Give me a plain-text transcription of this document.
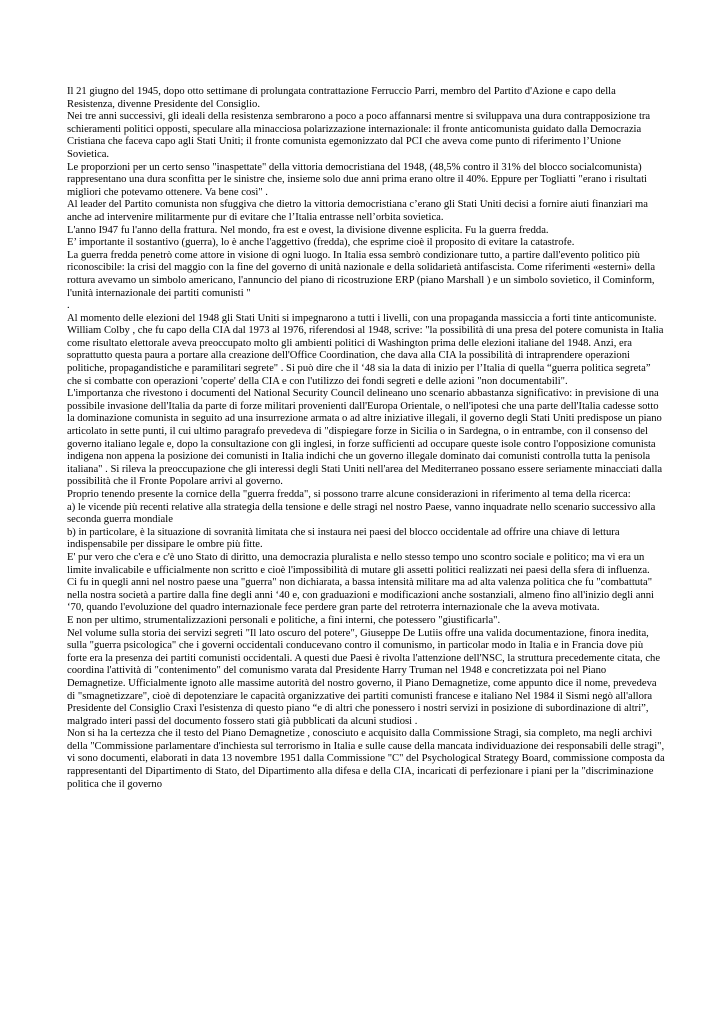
Il 21 giugno del 1945, dopo otto settimane di prolungata contrattazione Ferruccio Parri, membro del Partito d'Azione e capo della Resistenza, divenne Presidente del Consiglio.

Nei tre anni successivi, gli ideali della resistenza sembrarono a poco a poco affannarsi mentre si sviluppava una dura contrapposizione tra schieramenti politici opposti, speculare alla minacciosa polarizzazione internazionale: il fronte anticomunista guidato dalla Democrazia Cristiana che faceva capo agli Stati Uniti; il fronte comunista egemonizzato dal PCI che aveva come punto di riferimento l’Unione Sovietica.

Le proporzioni per un certo senso "inaspettate" della vittoria democristiana del 1948, (48,5% contro il 31% del blocco socialcomunista) rappresentano una dura sconfitta per le sinistre che, insieme solo due anni prima erano oltre il 40%. Eppure per Togliatti "erano i risultati migliori che potevamo ottenere. Va bene così" .

Al leader del Partito comunista non sfuggiva che dietro la vittoria democristiana c’erano gli Stati Uniti decisi a fornire aiuti finanziari ma anche ad intervenire militarmente pur di evitare che l’Italia entrasse nell’orbita sovietica.

L'anno I947 fu l'anno della frattura. Nel mondo, fra est e ovest, la divisione divenne esplicita. Fu la guerra fredda.

E’ importante il sostantivo (guerra), lo è anche l'aggettivo (fredda), che esprime cioè il proposito di evitare la catastrofe.

La guerra fredda penetrò come attore in visione di ogni luogo. In Italia essa sembrò condizionare tutto, a partire dall'evento politico più riconoscibile: la crisi del maggio con la fine del governo di unità nazionale e della solidarietà antifascista. Come riferimenti «esterni» della rottura avevamo un simbolo americano, l'annuncio del piano di ricostruzione ERP (piano Marshall ) e un simbolo sovietico, il Cominform, l'unità internazionale dei partiti comunisti "
.

Al momento delle elezioni del 1948 gli Stati Uniti si impegnarono a tutti i livelli, con una propaganda massiccia a forti tinte anticomuniste. William Colby , che fu capo della CIA dal 1973 al 1976, riferendosi al 1948, scrive: "la possibilità di una presa del potere comunista in Italia come risultato elettorale aveva preoccupato molto gli ambienti politici di Washington prima delle elezioni italiane del 1948. Anzi, era soprattutto questa paura a portare alla creazione dell'Office Coordination, che dava alla CIA la possibilità di intraprendere operazioni politiche, propagandistiche e paramilitari segrete" . Si può dire che il ‘48 sia la data di inizio per l’Italia di quella “guerra politica segreta” che si combatte con operazioni 'coperte' della CIA e con l'utilizzo dei fondi segreti e delle azioni "non documentabili".

L'importanza che rivestono i documenti del National Security Council delineano uno scenario abbastanza significativo: in previsione di una possibile invasione dell'Italia da parte di forze militari provenienti dall'Europa Orientale, o nell'ipotesi che una parte dell'Italia cadesse sotto la dominazione comunista in seguito ad una insurrezione armata o ad altre iniziative illegali, il governo degli Stati Uniti predispose un piano articolato in sette punti, il cui ultimo paragrafo prevedeva di "dispiegare forze in Sicilia o in Sardegna, o in entrambe, con il consenso del governo italiano legale e, dopo la consultazione con gli inglesi, in forze sufficienti ad occupare queste isole contro l'opposizione comunista indigena non appena la posizione dei comunisti in Italia indichi che un governo illegale dominato dai comunisti controlla tutta la penisola italiana" . Si rileva la preoccupazione che gli interessi degli Stati Uniti nell'area del Mediterraneo possano essere seriamente minacciati dalla possibilità che il Fronte Popolare arrivi al governo.

Proprio tenendo presente la cornice della "guerra fredda", si possono trarre alcune considerazioni in riferimento al tema della ricerca:

a) le vicende più recenti relative alla strategia della tensione e delle stragi nel nostro Paese, vanno inquadrate nello scenario successivo alla seconda guerra mondiale

b) in particolare, è la situazione di sovranità limitata che si instaura nei paesi del blocco occidentale ad offrire una chiave di lettura indispensabile per dissipare le ombre più fitte.

E' pur vero che c'era e c'è uno Stato di diritto, una democrazia pluralista e nello stesso tempo uno scontro sociale e politico; ma vi era un limite invalicabile e ufficialmente non scritto e cioè l'impossibilità di mutare gli assetti politici realizzati nei paesi della sfera di influenza.

Ci fu in quegli anni nel nostro paese una "guerra" non dichiarata, a bassa intensità militare ma ad alta valenza politica che fu "combattuta" nella nostra società a partire dalla fine degli anni ‘40 e, con graduazioni e modificazioni anche sostanziali, almeno fino all'inizio degli anni ‘70, quando l'evoluzione del quadro internazionale fece perdere gran parte del retroterra internazionale che la aveva motivata.

E non per ultimo, strumentalizzazioni personali e politiche, a fini interni, che potessero "giustificarla".

Nel volume sulla storia dei servizi segreti "Il lato oscuro del potere", Giuseppe De Lutiis offre una valida documentazione, finora inedita, sulla "guerra psicologica" che i governi occidentali conducevano contro il comunismo, in particolar modo in Italia e in Francia dove più forte era la presenza dei partiti comunisti occidentali. A questi due Paesi è rivolta l'attenzione dell'NSC, la struttura precedemente citata, che coordina l'attività di "contenimento" del comunismo varata dal Presidente Harry Truman nel 1948 e concretizzata poi nel Piano Demagnetize. Ufficialmente ignoto alle massime autorità del nostro governo, il Piano Demagnetize, come appunto dice il nome, prevedeva di "smagnetizzare", cioè di depotenziare le capacità organizzative dei partiti comunisti francese e italiano Nel 1984 il Sismi negò all'allora Presidente del Consiglio Craxi l'esistenza di questo piano “e di altri che ponessero i nostri servizi in posizione di subordinazione di altri”, malgrado interi passi del documento fossero stati già pubblicati da alcuni studiosi .

Non si ha la certezza che il testo del Piano Demagnetize , conosciuto e acquisito dalla Commissione Stragi, sia completo, ma negli archivi della "Commissione parlamentare d'inchiesta sul terrorismo in Italia e sulle cause della mancata individuazione dei responsabili delle stragi", vi sono documenti, elaborati in data 13 novembre 1951 dalla Commissione "C" del Psychological Strategy Board, commissione composta da rappresentanti del Dipartimento di Stato, del Dipartimento alla difesa e della CIA, incaricati di perfezionare i piani per la "discriminazione politica che il governo
